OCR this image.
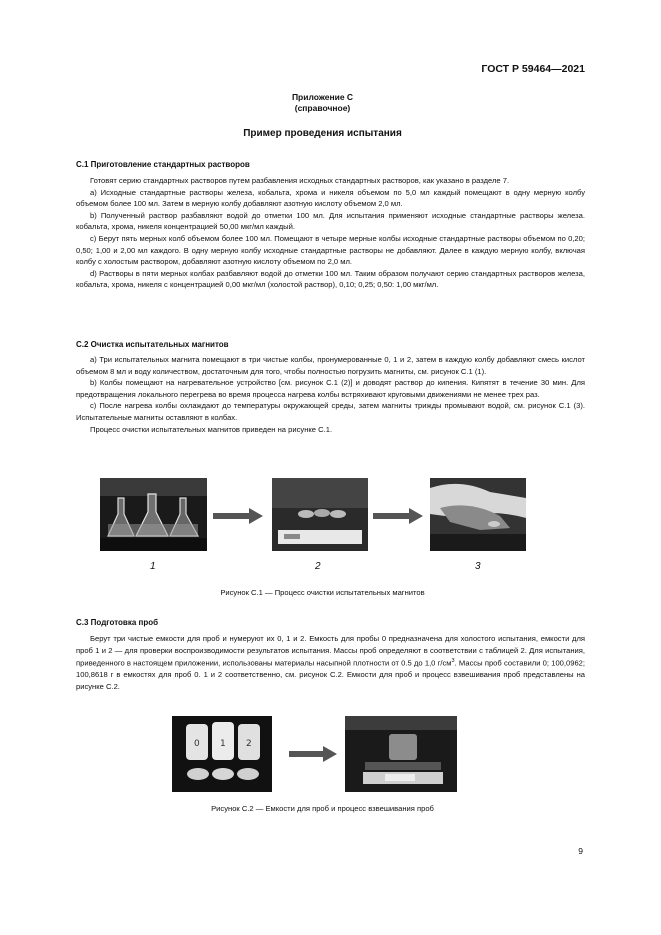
ГОСТ Р 59464—2021
Приложение С
(справочное)
Пример проведения испытания
С.1 Приготовление стандартных растворов

Готовят серию стандартных растворов путем разбавления исходных стандартных растворов, как указано в разделе 7.

а) Исходные стандартные растворы железа, кобальта, хрома и никеля объемом по 5,0 мл каждый помещают в одну мерную колбу объемом более 100 мл. Затем в мерную колбу добавляют азотную кислоту объемом 2,0 мл.

b) Полученный раствор разбавляют водой до отметки 100 мл. Для испытания применяют исходные стандартные растворы железа. кобальта, хрома, никеля концентрацией 50,00 мкг/мл каждый.

c) Берут пять мерных колб объемом более 100 мл. Помещают в четыре мерные колбы исходные стандартные растворы объемом по 0,20; 0,50; 1,00 и 2,00 мл каждого. В одну мерную колбу исходные стандартные растворы не добавляют. Далее в каждую мерную колбу, включая колбу с холостым раствором, добавляют азотную кислоту объемом по 2,0 мл.

d) Растворы в пяти мерных колбах разбавляют водой до отметки 100 мл. Таким образом получают серию стандартных растворов железа, кобальта, хрома, никеля с концентрацией 0,00 мкг/мл (холостой раствор), 0,10; 0,25; 0,50: 1,00 мкг/мл.

С.2 Очистка испытательных магнитов

а) Три испытательных магнита помещают в три чистые колбы, пронумерованные 0, 1 и 2, затем в каждую колбу добавляют смесь кислот объемом 8 мл и воду количеством, достаточным для того, чтобы полностью погрузить магниты, см. рисунок С.1 (1).

b) Колбы помещают на нагревательное устройство [см. рисунок С.1 (2)] и доводят раствор до кипения. Кипятят в течение 30 мин. Для предотвращения локального перегрева во время процесса нагрева колбы встряхивают круговыми движениями не менее трех раз.

c) После нагрева колбы охлаждают до температуры окружающей среды, затем магниты трижды промывают водой, см. рисунок С.1 (3). Испытательные магниты оставляют в колбах.

Процесс очистки испытательных магнитов приведен на рисунке С.1.

1	2	3
Рисунок С.1 — Процесс очистки испытательных магнитов
С.3 Подготовка проб

Берут три чистые емкости для проб и нумеруют их 0, 1 и 2. Емкость для пробы 0 предназначена для холостого испытания, емкости для проб 1 и 2 — для проверки воспроизводимости результатов испытания. Массы проб определяют в соответствии с таблицей 2. Для испытания, приведенного в настоящем приложении, использованы материалы насыпной плотности от 0.5 до 1,0 $г/см^3$. Массы проб составили 0; 100,0962; 100,8618 г в емкостях для проб 0. 1 и 2 соответственно, см. рисунок С.2. Емкости для проб и процесс взвешивания проб представлены на рисунке С.2.

0 1 2
Рисунок С.2 — Емкости для проб и процесс взвешивания проб
9
